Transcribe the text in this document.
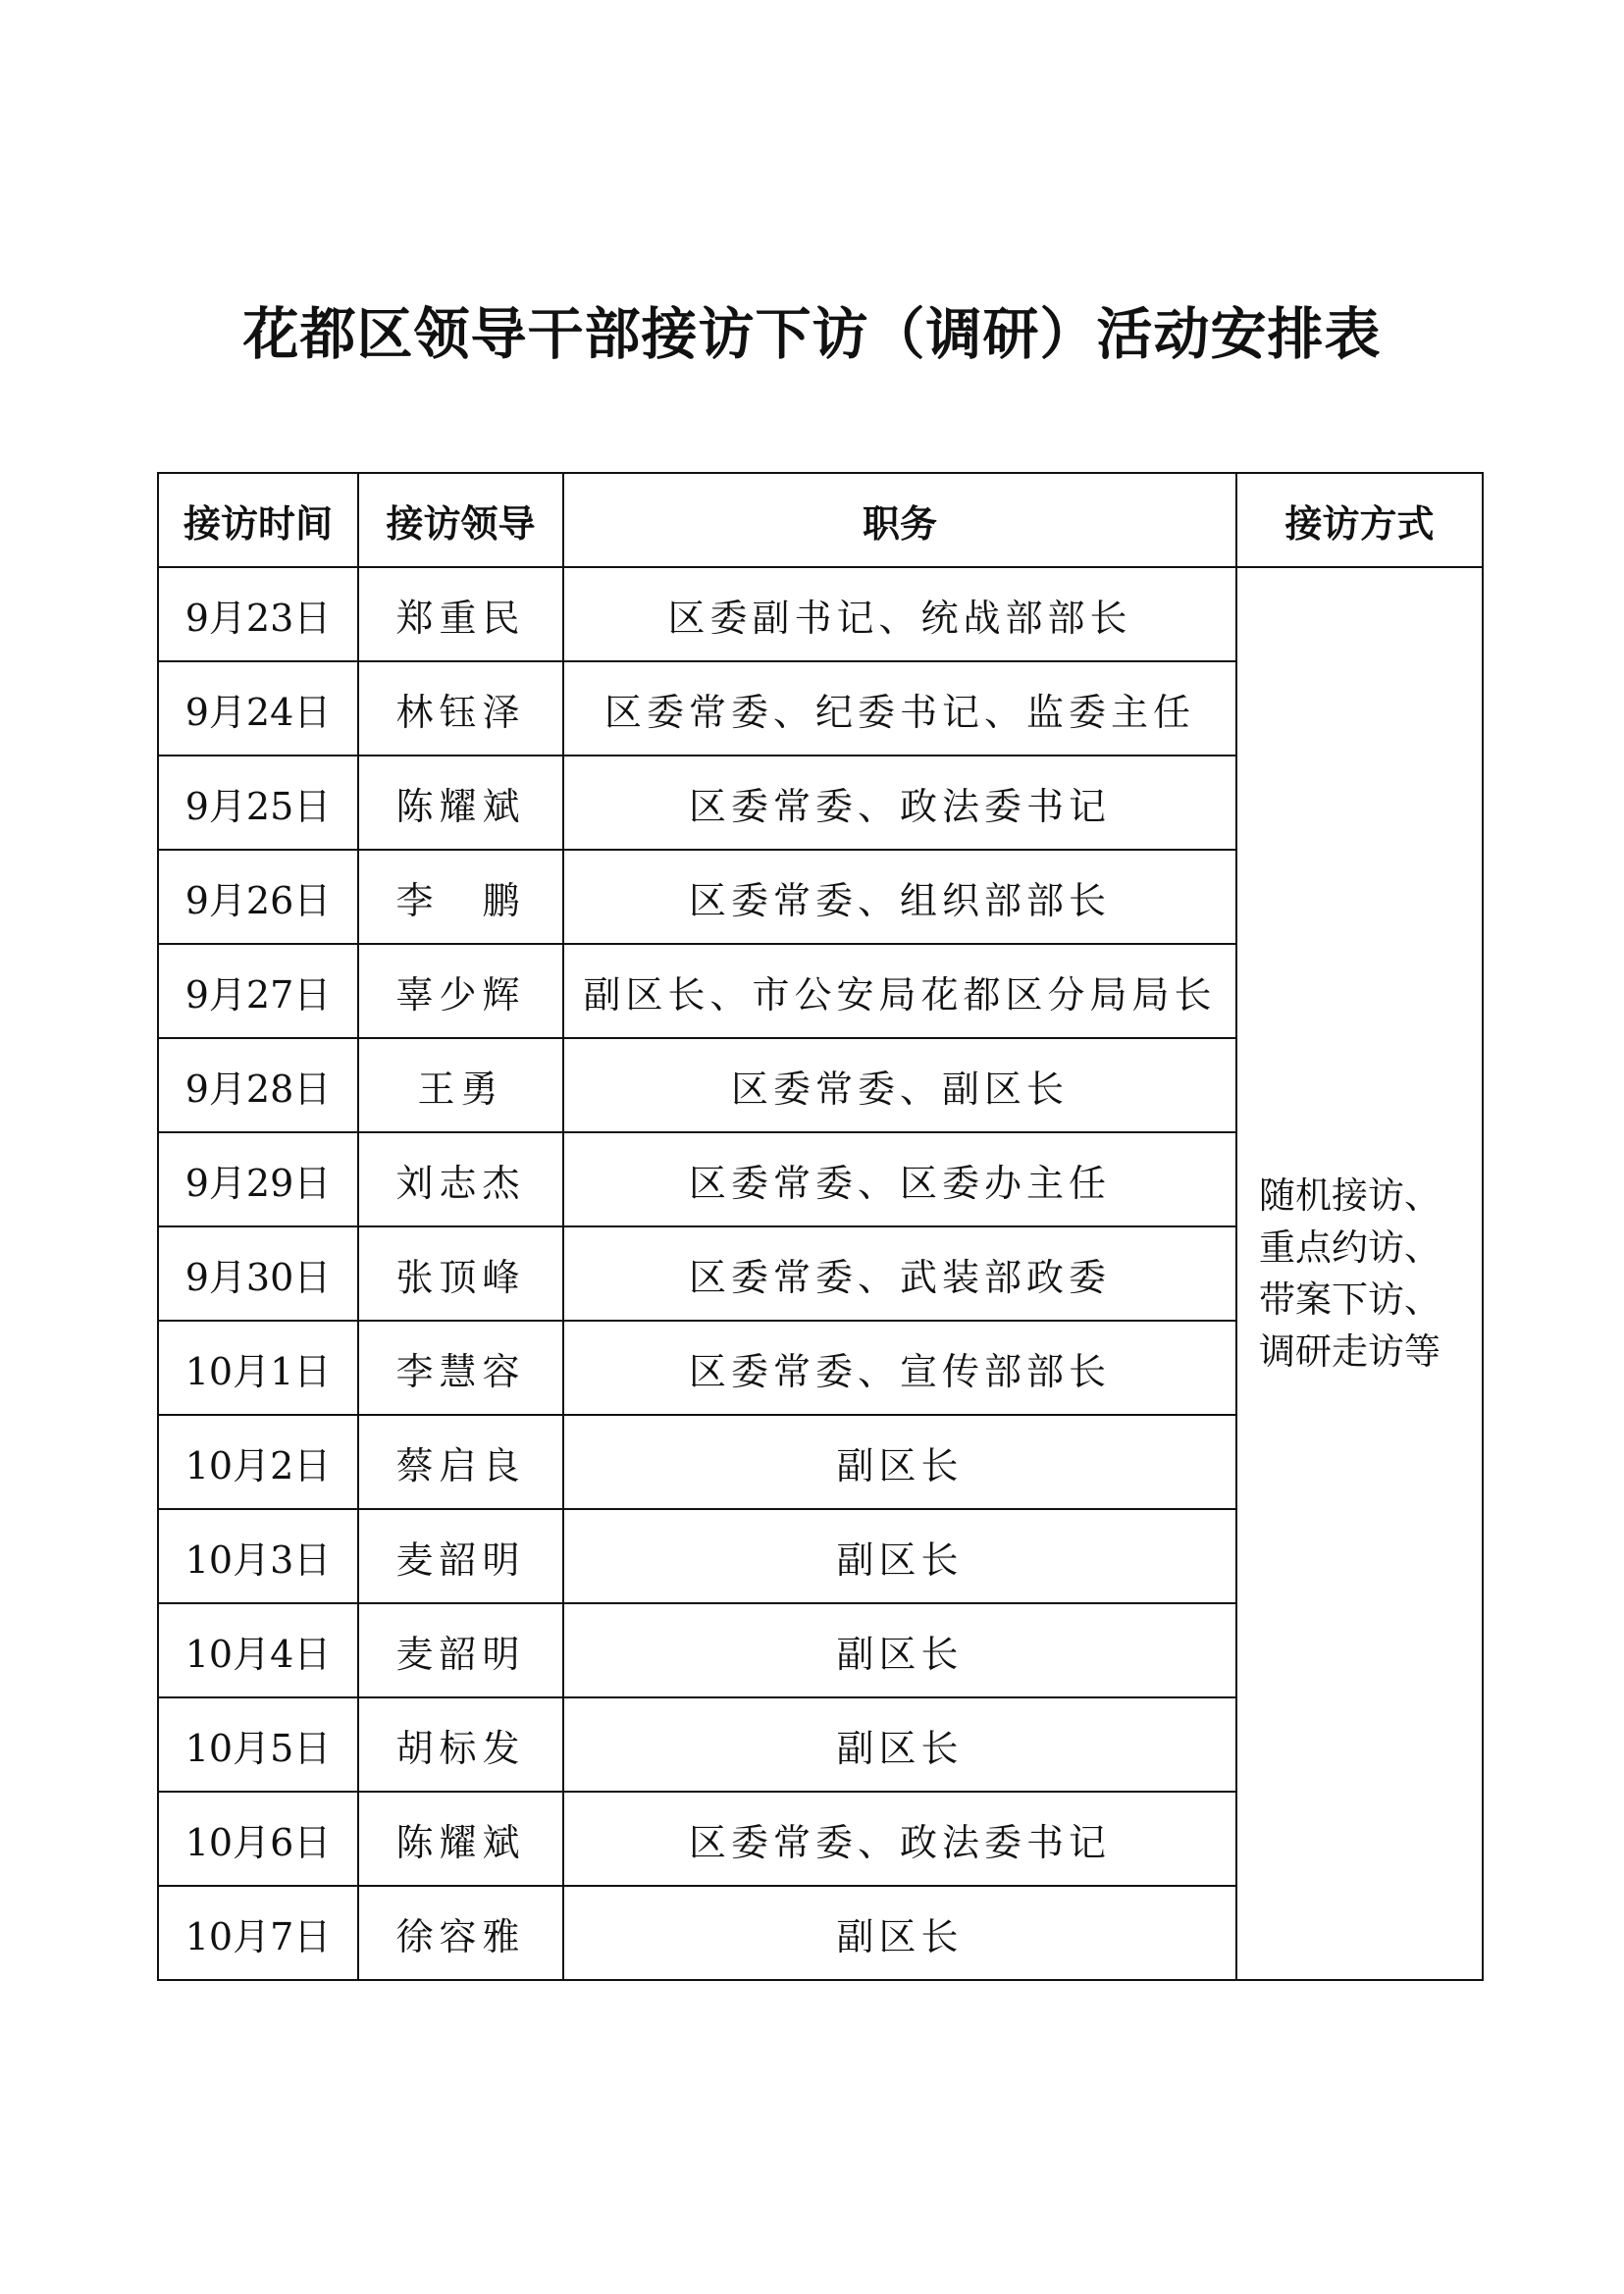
花都区领导干部接访下访（调研）活动安排表
接访时间	接访领导	职务	接访方式
9月23日	郑重民	区委副书记、统战部部长	随机接访、
重点约访、
带案下访、
调研走访等

9月24日	林钰泽	区委常委、纪委书记、监委主任	
9月25日	陈耀斌	区委常委、政法委书记	
9月26日	李　鹏	区委常委、组织部部长	
9月27日	辜少辉	副区长、市公安局花都区分局局长	
9月28日	王勇	区委常委、副区长	
9月29日	刘志杰	区委常委、区委办主任	
9月30日	张顶峰	区委常委、武装部政委	
10月1日	李慧容	区委常委、宣传部部长	
10月2日	蔡启良	副区长	
10月3日	麦韶明	副区长	
10月4日	麦韶明	副区长	
10月5日	胡标发	副区长	
10月6日	陈耀斌	区委常委、政法委书记	
10月7日	徐容雅	副区长	
